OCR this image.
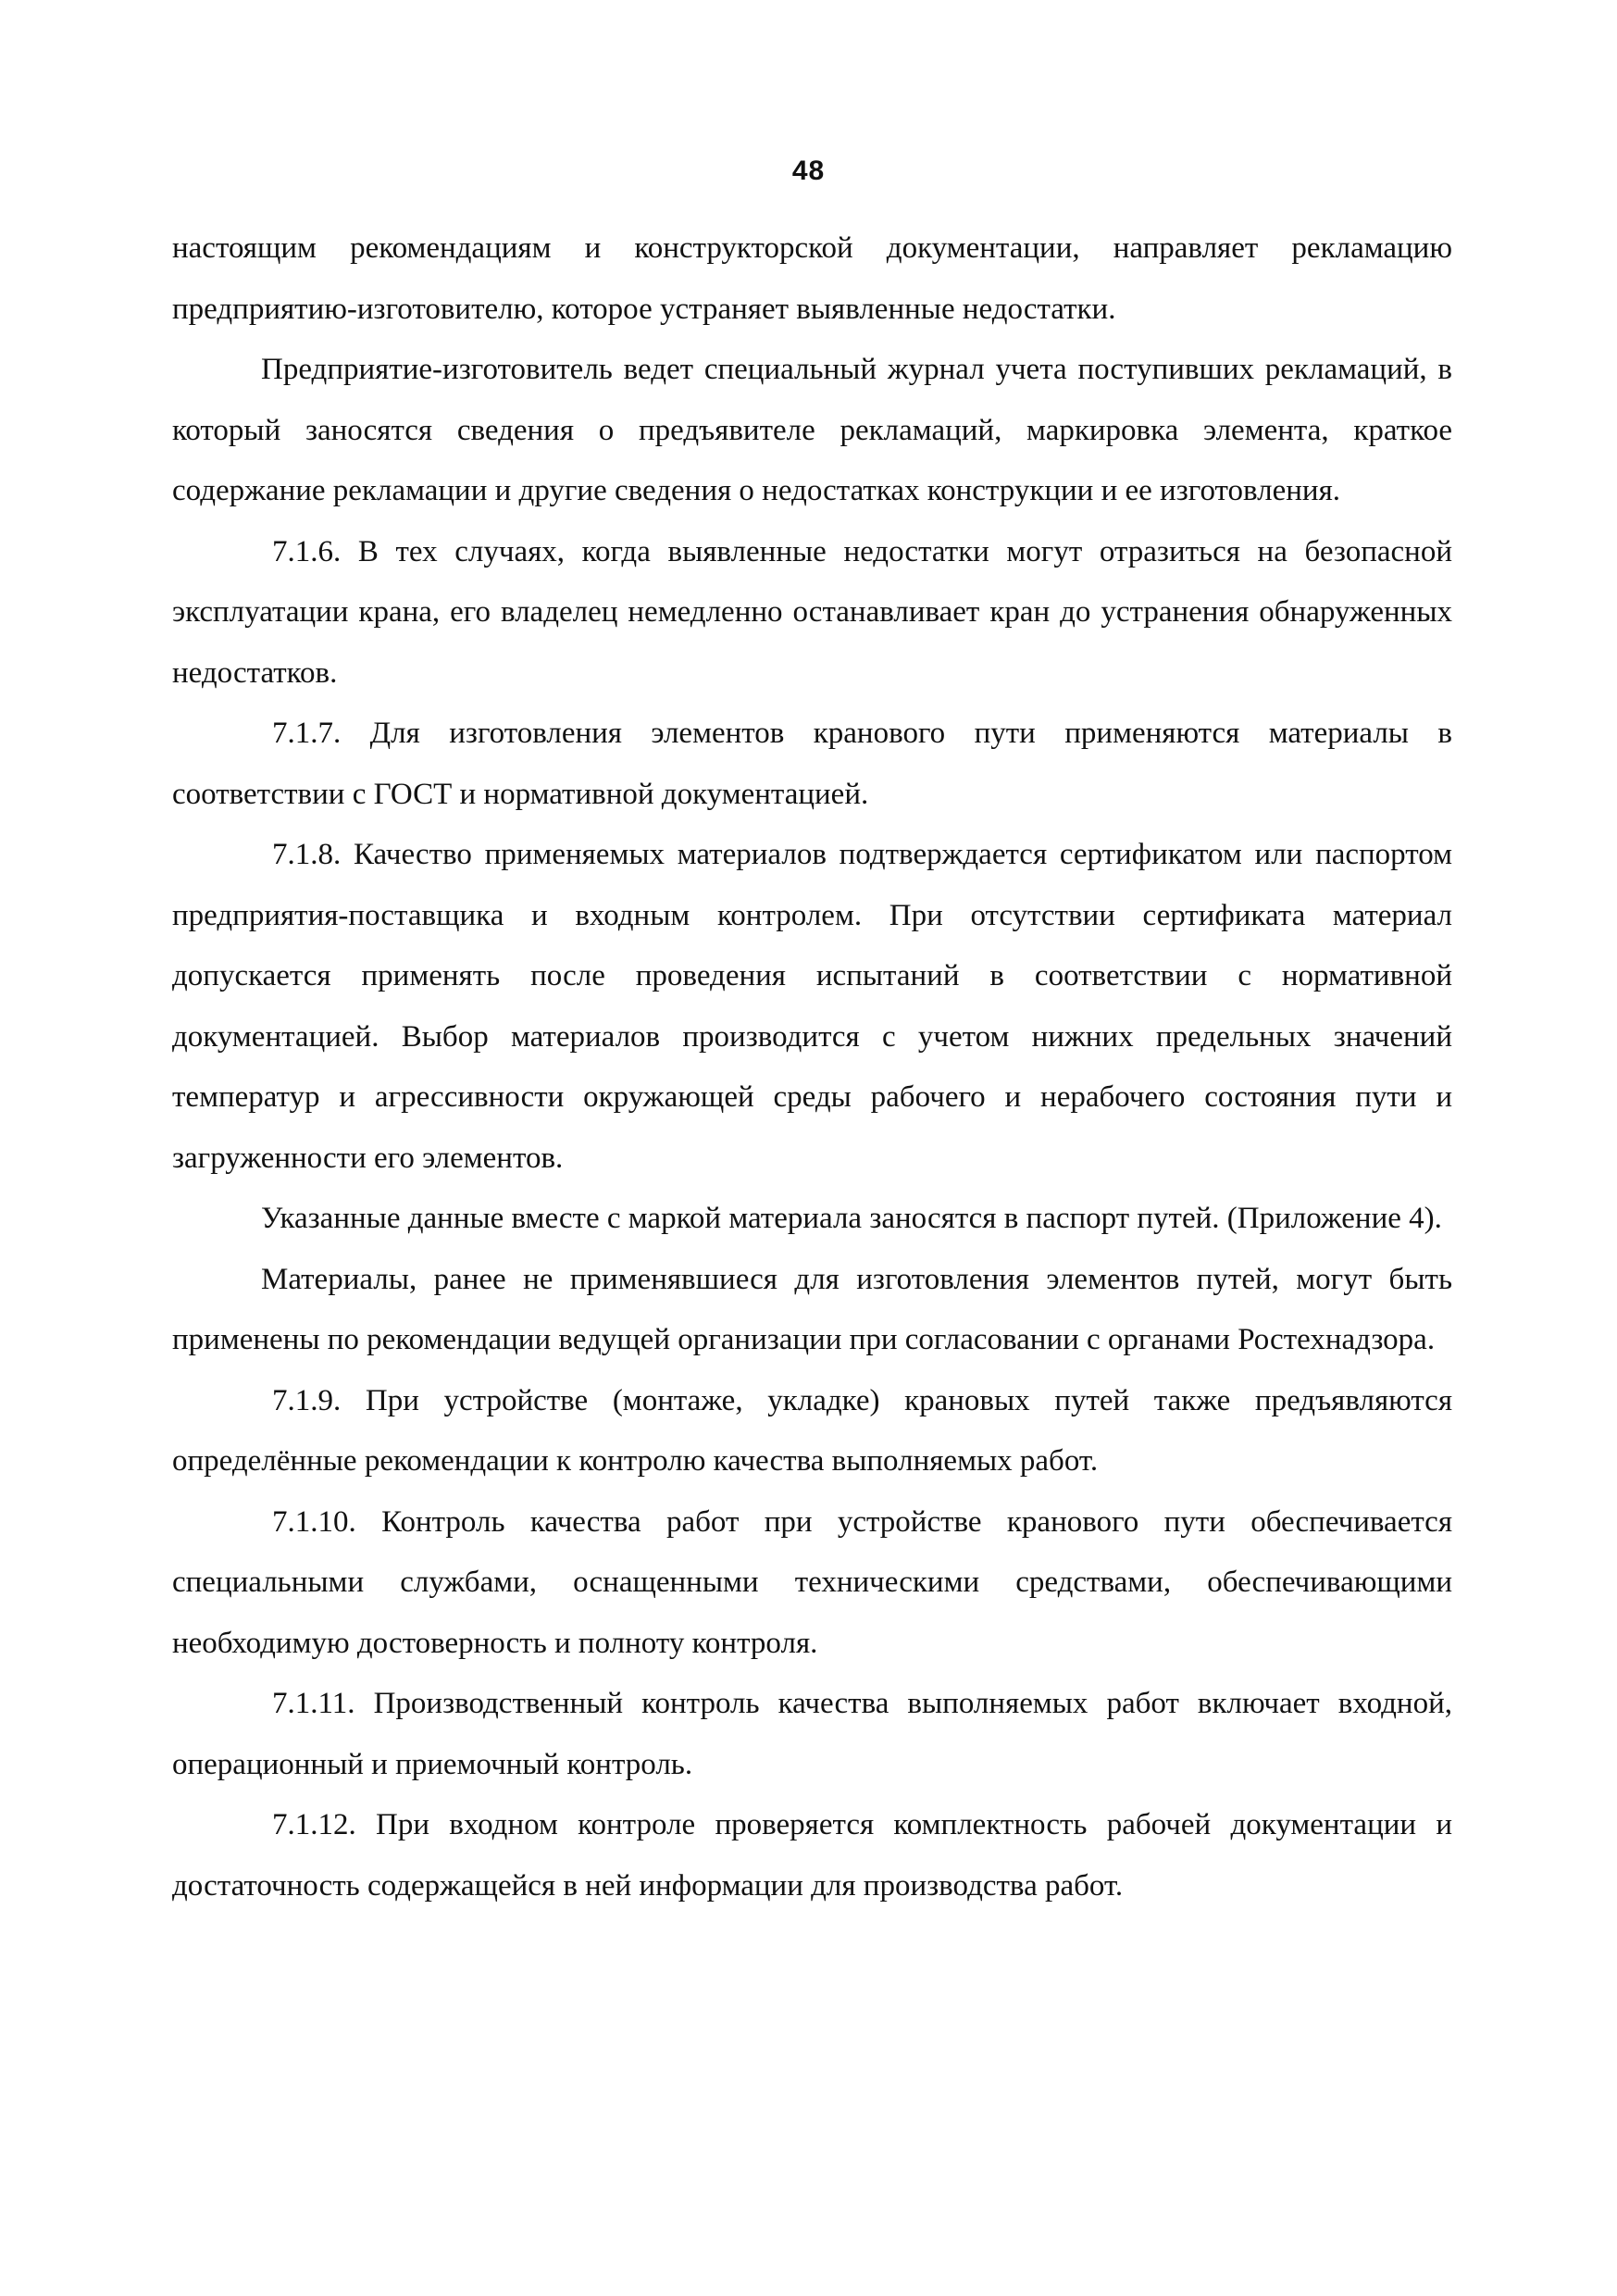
48

настоящим рекомендациям и конструкторской документации, направляет рекламацию предприятию-изготовителю, которое устраняет выявленные недостатки.

Предприятие-изготовитель ведет специальный журнал учета поступивших рекламаций, в который заносятся сведения о предъявителе рекламаций, маркировка элемента, краткое содержание рекламации и другие сведения о недостатках конструкции и ее изготовления.

7.1.6. В тех случаях, когда выявленные недостатки могут отразиться на безопасной эксплуатации крана, его владелец немедленно останавливает кран до устранения обнаруженных недостатков.

7.1.7. Для изготовления элементов кранового пути применяются материалы в соответствии с ГОСТ и нормативной документацией.

7.1.8. Качество применяемых материалов подтверждается сертификатом или паспортом предприятия-поставщика и входным контролем. При отсутствии сертификата материал допускается применять после проведения испытаний в соответствии с нормативной документацией. Выбор материалов производится с учетом нижних предельных значений температур и агрессивности окружающей среды рабочего и нерабочего состояния пути и загруженности его элементов.

Указанные данные вместе с маркой материала заносятся в паспорт путей. (Приложение 4).

Материалы, ранее не применявшиеся для изготовления элементов путей, могут быть применены по рекомендации ведущей организации при согласовании с органами Ростехнадзора.

7.1.9. При устройстве (монтаже, укладке) крановых путей также предъявляются определённые рекомендации к контролю качества выполняемых работ.

7.1.10. Контроль качества работ при устройстве кранового пути обеспечивается специальными службами, оснащенными техническими средствами, обеспечивающими необходимую достоверность и полноту контроля.

7.1.11. Производственный контроль качества выполняемых работ включает входной, операционный и приемочный контроль.

7.1.12. При входном контроле проверяется комплектность рабочей документации и достаточность содержащейся в ней информации для производства работ.
